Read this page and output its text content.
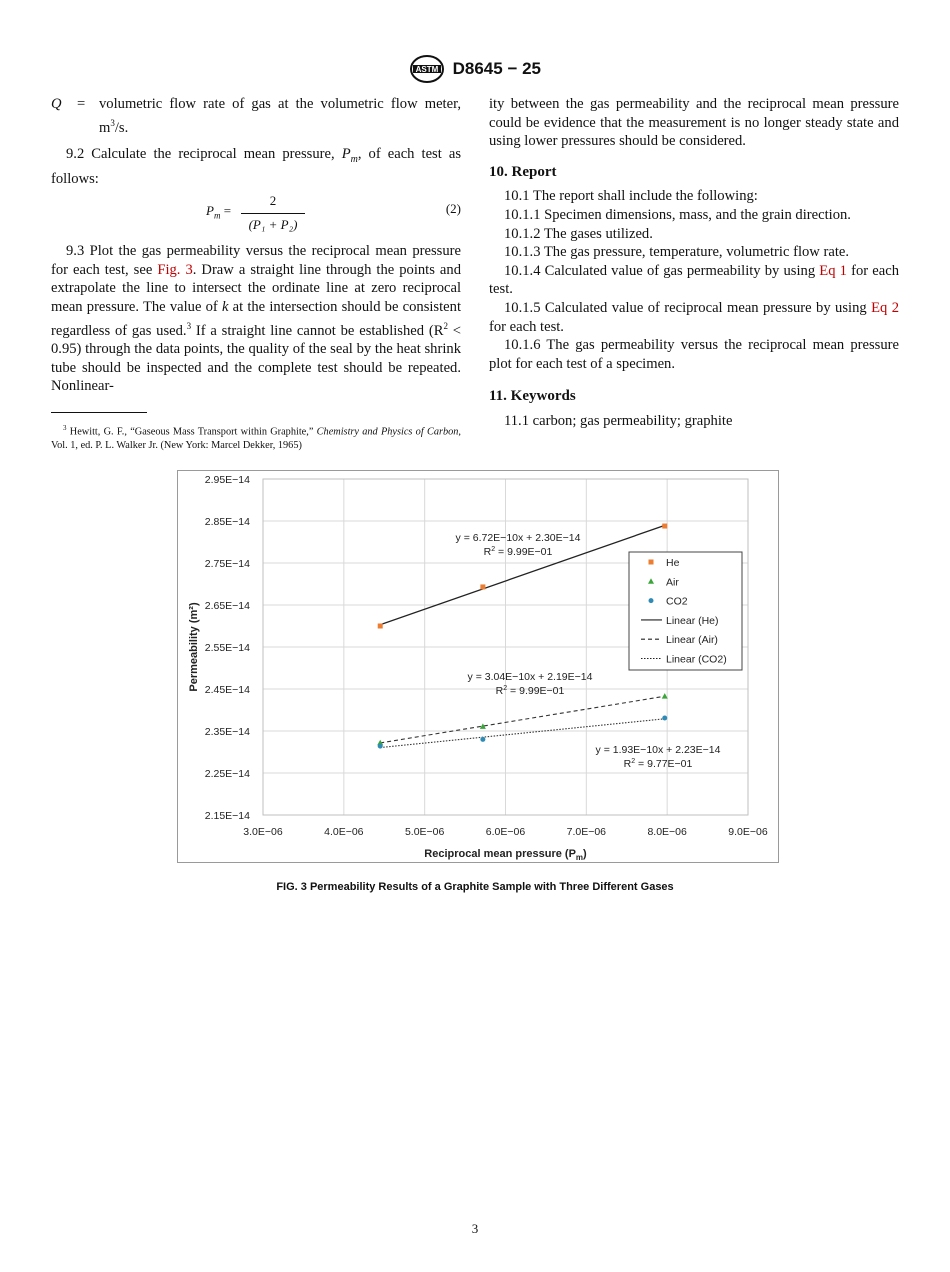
ASTM D8645 − 25
Q	= volumetric flow rate of gas at the volumetric flow meter, $m^3/s$.

9.2 Calculate the reciprocal mean pressure, $P_m$, of each test as follows:

$P_m$ =
2
(P₁ + P₂)
(2)

9.3 Plot the gas permeability versus the reciprocal mean pressure for each test, see Fig. 3. Draw a straight line through the points and extrapolate the line to intersect the ordinate line at zero reciprocal mean pressure. The value of k at the intersection should be consistent regardless of gas used.$^3$ If a straight line cannot be established $(R^2 < 0.95)$ through the data points, the quality of the seal by the heat shrink tube should be inspected and the complete test should be repeated. Nonlinear-

$^3$ Hewitt, G. F., “Gaseous Mass Transport within Graphite,” Chemistry and Physics of Carbon, Vol. 1, ed. P. L. Walker Jr. (New York: Marcel Dekker, 1965)

ity between the gas permeability and the reciprocal mean pressure could be evidence that the measurement is no longer steady state and using lower pressures should be considered.

10. Report

10.1 The report shall include the following:

10.1.1 Specimen dimensions, mass, and the grain direction.

10.1.2 The gases utilized.

10.1.3 The gas pressure, temperature, volumetric flow rate.

10.1.4 Calculated value of gas permeability by using Eq 1 for each test.

10.1.5 Calculated value of reciprocal mean pressure by using Eq 2 for each test.

10.1.6 The gas permeability versus the reciprocal mean pressure plot for each test of a specimen.

11. Keywords

11.1 carbon; gas permeability; graphite

2.15E−14
2.25E−14
2.35E−14
2.45E−14
2.55E−14
2.65E−14
2.75E−14
2.85E−14
2.95E−14
3.0E−06	4.0E−06	5.0E−06	6.0E−06	7.0E−06	8.0E−06	9.0E−06
Reciprocal mean pressure $(P_m)$
Permeability (m²)
y = 6.72E−10x + 2.30E−14
$R^2 = 9.99E-01$
y = 3.04E−10x + 2.19E−14
$R^2 = 9.99E-01$
y = 1.93E−10x + 2.23E−14
$R^2 = 9.77E-01$
He
Air
CO2
Linear (He)
Linear (Air)
Linear (CO2)
FIG. 3 Permeability Results of a Graphite Sample with Three Different Gases
3
